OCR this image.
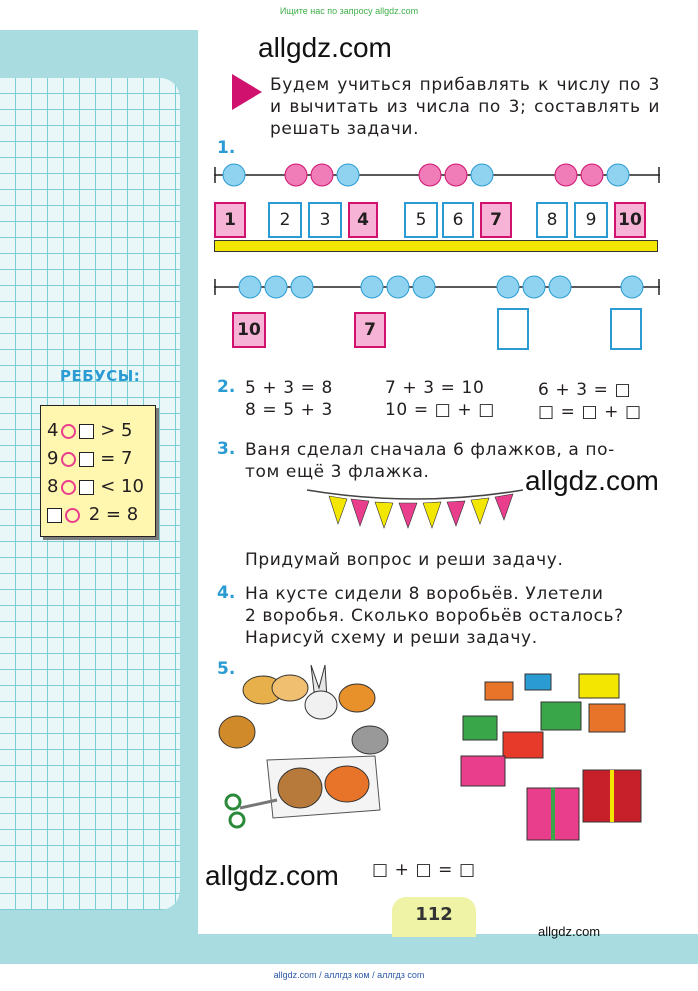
Ищите нас по запросу allgdz.com
РЕБУСЫ:
4 > 5
9 = 7
8 < 10
2 = 8
allgdz.com
allgdz.com
allgdz.com
allgdz.com
Будем учиться прибавлять к числу по 3 и вычитать из числа по 3; составлять и решать задачи.
1.
1	2	3	4	5	6	7	8	9	10
10	7
2. 5 + 3 = 8
8 = 5 + 3
7 + 3 = 10
10 = □ + □
6 + 3 = □
□ = □ + □
3. Ваня сделал сначала 6 флажков, а по-
том ещё 3 флажка.
Придумай вопрос и реши задачу.
4. На кусте сидели 8 воробьёв. Улетели
2 воробья. Сколько воробьёв осталось?
Нарисуй схему и реши задачу.
5.
□ + □ = □
112
allgdz.com / аллгдз ком / аллгдз com
